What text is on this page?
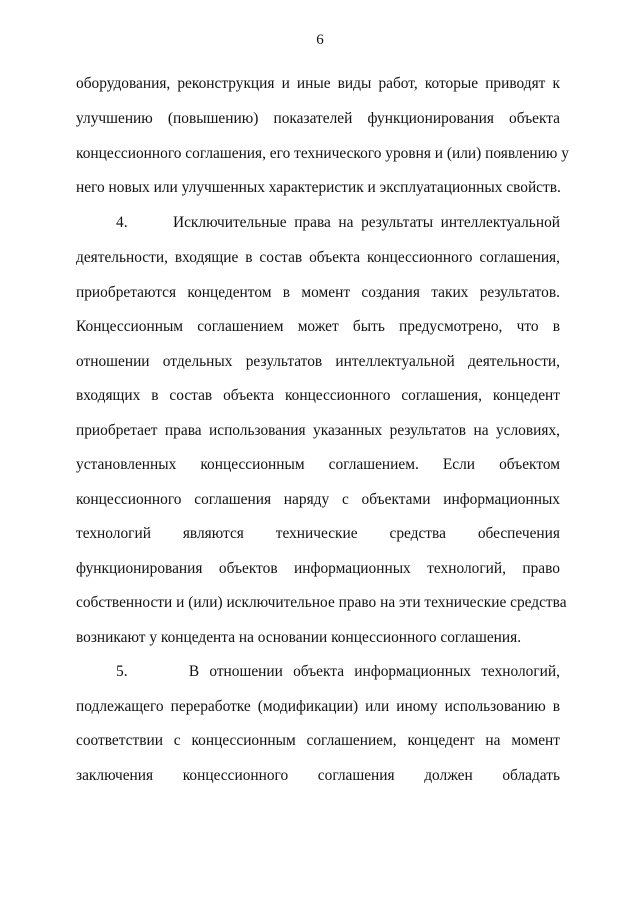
6
оборудования, реконструкция и иные виды работ, которые приводят к
улучшению (повышению) показателей функционирования объекта
концессионного соглашения, его технического уровня и (или) появлению у
него новых или улучшенных характеристик и эксплуатационных свойств.
4.      Исключительные права на результаты интеллектуальной
деятельности, входящие в состав объекта концессионного соглашения,
приобретаются концедентом в момент создания таких результатов.
Концессионным соглашением может быть предусмотрено, что в
отношении отдельных результатов интеллектуальной деятельности,
входящих в состав объекта концессионного соглашения, концедент
приобретает права использования указанных результатов на условиях,
установленных концессионным соглашением. Если объектом
концессионного соглашения наряду с объектами информационных
технологий являются технические средства обеспечения
функционирования объектов информационных технологий, право
собственности и (или) исключительное право на эти технические средства
возникают у концедента на основании концессионного соглашения.
5.      В отношении объекта информационных технологий,
подлежащего переработке (модификации) или иному использованию в
соответствии с концессионным соглашением, концедент на момент
заключения концессионного соглашения должен обладать
